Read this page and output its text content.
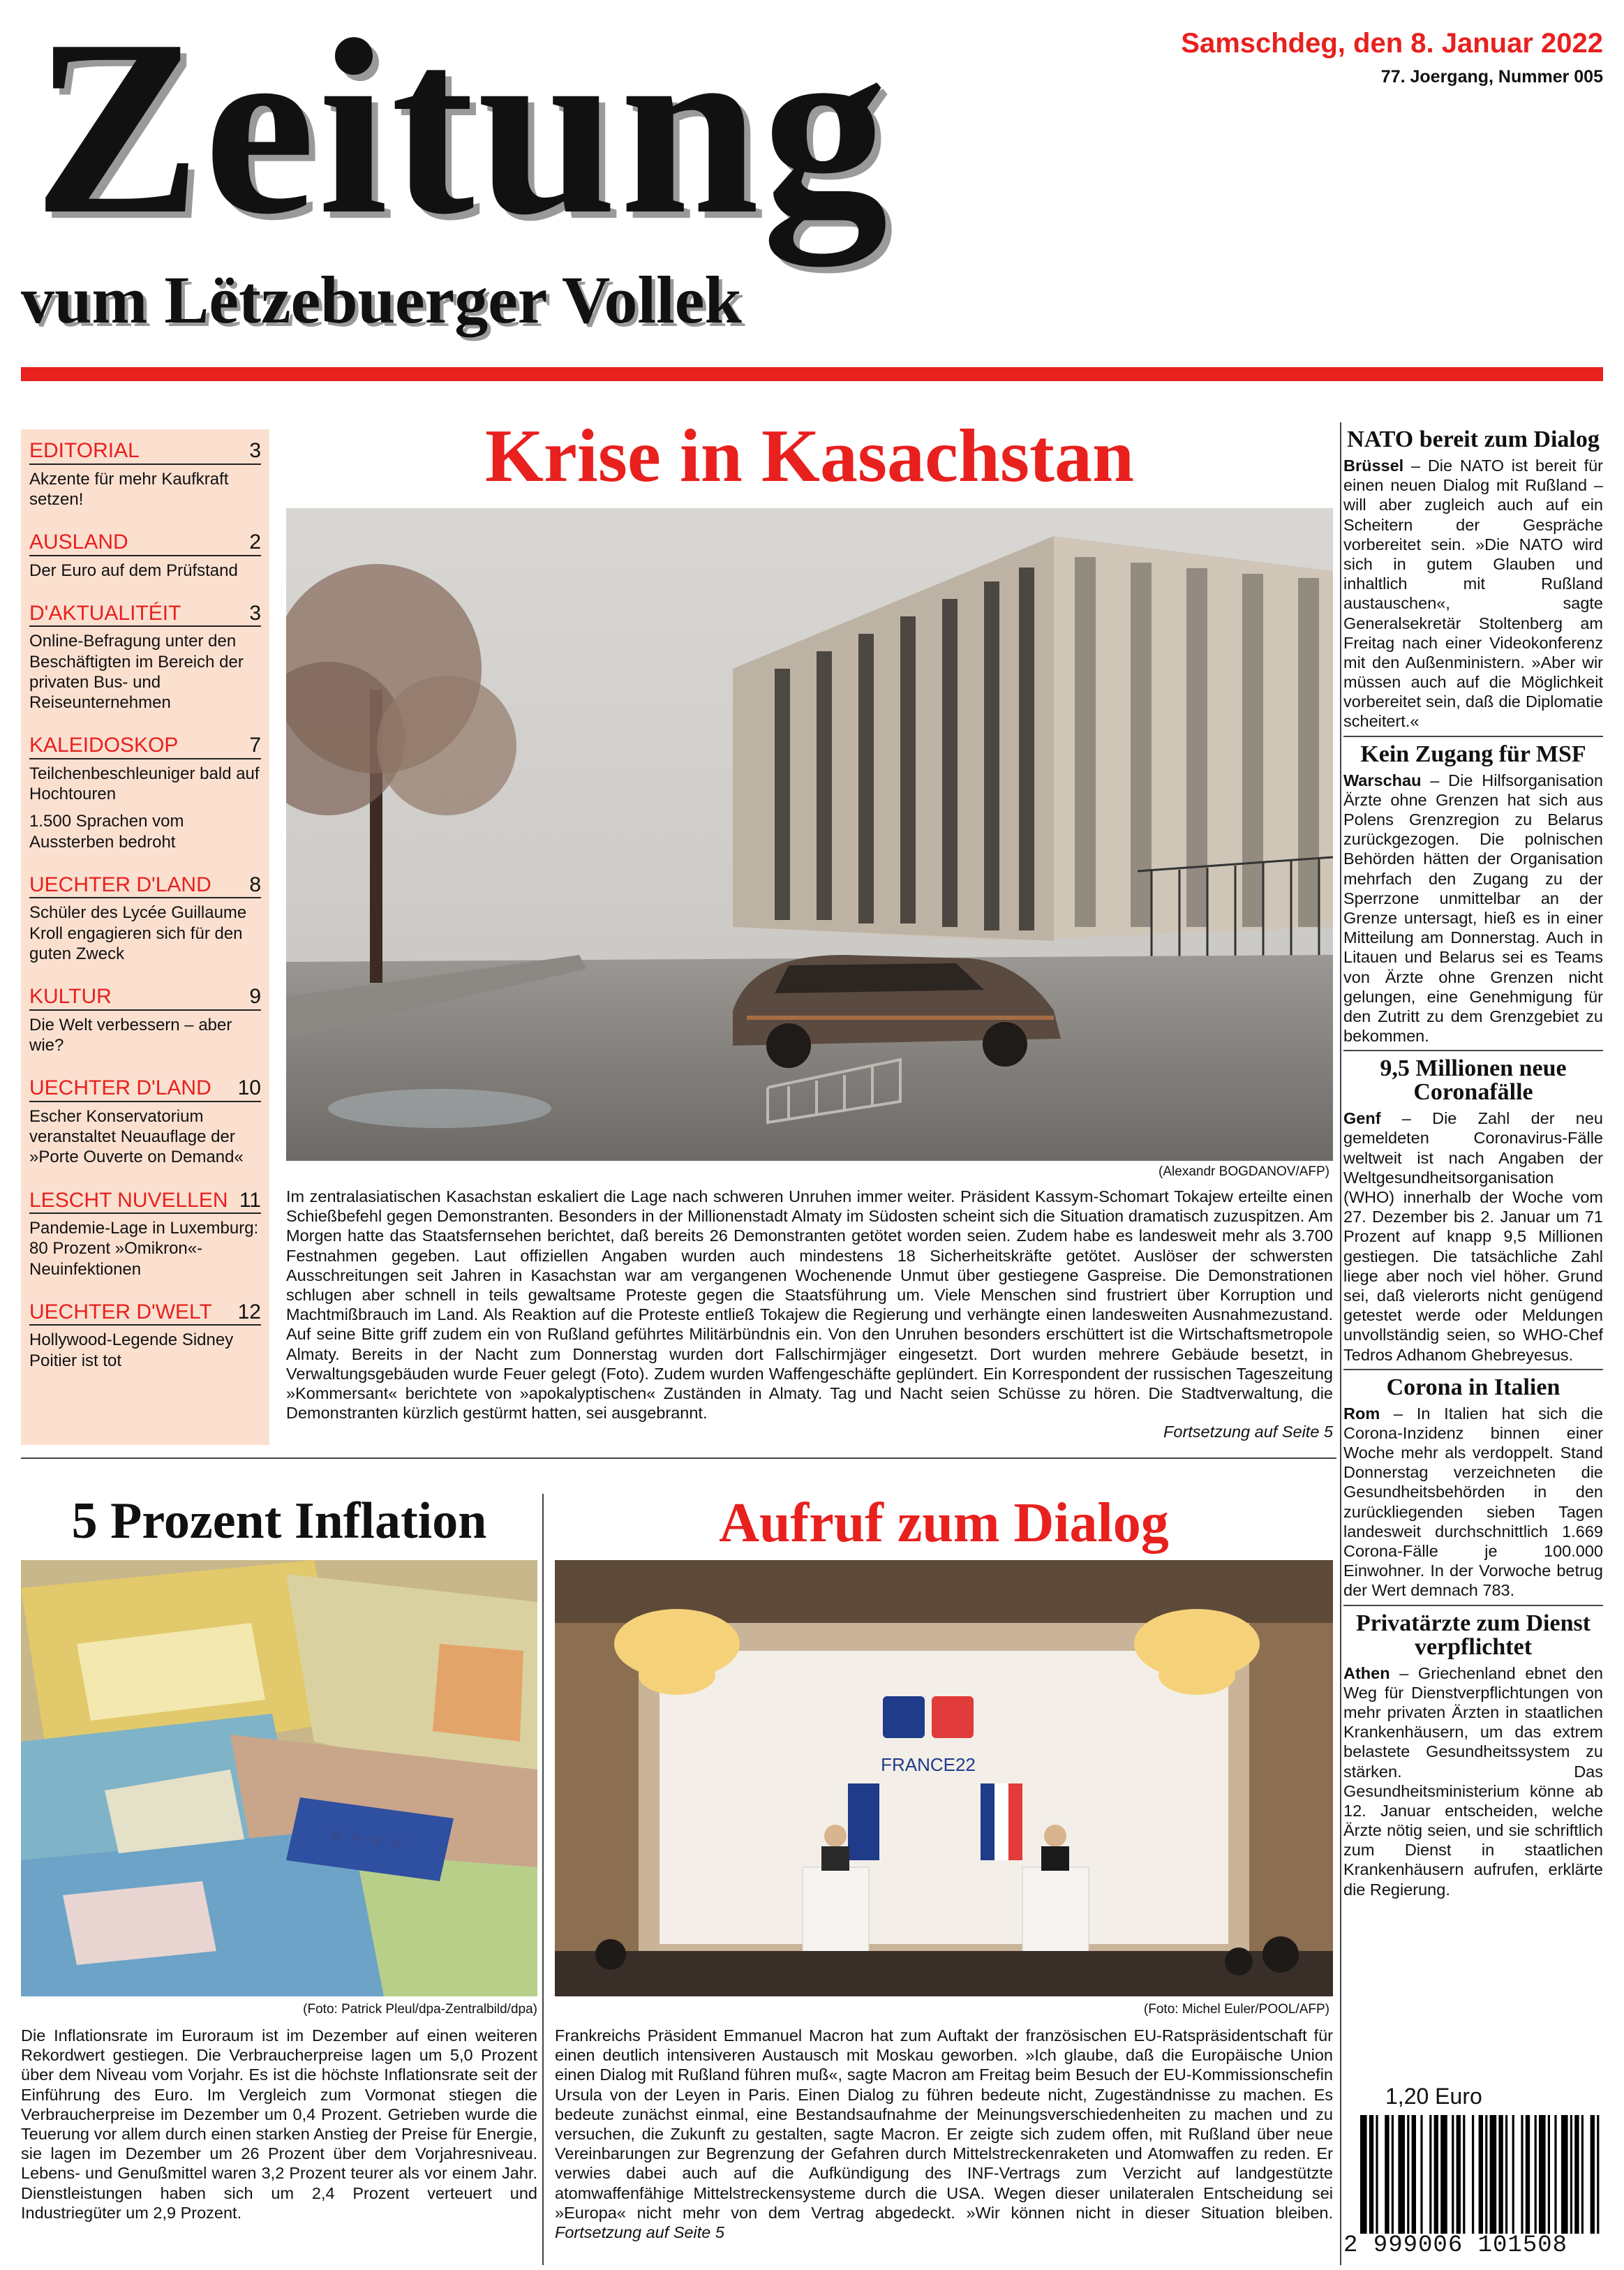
Zeitung
vum Lëtzebuerger Vollek
Samschdeg, den 8. Januar 2022
77. Joergang, Nummer 005
EDITORIAL	3

Akzente für mehr Kaufkraft setzen!

AUSLAND	2

Der Euro auf dem Prüfstand

D'AKTUALITÉIT	3

Online-Befragung unter den Beschäftigten im Bereich der privaten Bus- und Reiseunternehmen

KALEIDOSKOP	7

Teilchenbeschleuniger bald auf Hochtouren

1.500 Sprachen vom Aussterben bedroht

UECHTER D'LAND 8

Schüler des Lycée Guillaume Kroll engagieren sich für den guten Zweck

KULTUR	9

Die Welt verbessern – aber wie?

UECHTER D'LAND 10

Escher Konservatorium veranstaltet Neuauflage der »Porte Ouverte on Demand«

LESCHT NUVELLEN 11

Pandemie-Lage in Luxemburg: 80 Prozent »Omikron«-Neuinfektionen

UECHTER D'WELT 12

Hollywood-Legende Sidney Poitier ist tot

Krise in Kasachstan
(Alexandr BOGDANOV/AFP)

Im zentralasiatischen Kasachstan eskaliert die Lage nach schweren Unruhen immer weiter. Präsident Kassym-Schomart Tokajew erteilte einen Schießbefehl gegen Demonstranten. Besonders in der Millionenstadt Almaty im Südosten scheint sich die Situation dramatisch zuzuspitzen. Am Morgen hatte das Staatsfernsehen berichtet, daß bereits 26 Demonstranten getötet worden seien. Zudem habe es landesweit mehr als 3.700 Festnahmen gegeben. Laut offiziellen Angaben wurden auch mindestens 18 Sicherheitskräfte getötet. Auslöser der schwersten Ausschreitungen seit Jahren in Kasachstan war am vergangenen Wochenende Unmut über gestiegene Gaspreise. Die Demonstrationen schlugen aber schnell in teils gewaltsame Proteste gegen die Staatsführung um. Viele Menschen sind frustriert über Korruption und Machtmißbrauch im Land. Als Reaktion auf die Proteste entließ Tokajew die Regierung und verhängte einen landesweiten Ausnahmezustand. Auf seine Bitte griff zudem ein von Rußland geführtes Militärbündnis ein. Von den Unruhen besonders erschüttert ist die Wirtschaftsmetropole Almaty. Bereits in der Nacht zum Donnerstag wurden dort Fallschirmjäger eingesetzt. Dort wurden mehrere Gebäude besetzt, in Verwaltungsgebäuden wurde Feuer gelegt (Foto). Zudem wurden Waffengeschäfte geplündert. Ein Korrespondent der russischen Tageszeitung »Kommersant« berichtete von »apokalyptischen« Zuständen in Almaty. Tag und Nacht seien Schüsse zu hören. Die Stadtverwaltung, die Demonstranten kürzlich gestürmt hatten, sei ausgebrannt.

Fortsetzung auf Seite 5
5 Prozent Inflation
(Foto: Patrick Pleul/dpa-Zentralbild/dpa)

Die Inflationsrate im Euroraum ist im Dezember auf einen weiteren Rekordwert gestiegen. Die Verbraucherpreise lagen um 5,0 Prozent über dem Niveau vom Vorjahr. Es ist die höchste Inflationsrate seit der Einführung des Euro. Im Vergleich zum Vormonat stiegen die Verbraucherpreise im Dezember um 0,4 Prozent. Getrieben wurde die Teuerung vor allem durch einen starken Anstieg der Preise für Energie, sie lagen im Dezember um 26 Prozent über dem Vorjahresniveau. Lebens- und Genußmittel waren 3,2 Prozent teurer als vor einem Jahr. Dienstleistungen haben sich um 2,4 Prozent verteuert und Industriegüter um 2,9 Prozent.

Aufruf zum Dialog
FRANCE22
(Foto: Michel Euler/POOL/AFP)

Frankreichs Präsident Emmanuel Macron hat zum Auftakt der französischen EU-Ratspräsidentschaft für einen deutlich intensiveren Austausch mit Moskau geworben. »Ich glaube, daß die Europäische Union einen Dialog mit Rußland führen muß«, sagte Macron am Freitag beim Besuch der EU-Kommissionschefin Ursula von der Leyen in Paris. Einen Dialog zu führen bedeute nicht, Zugeständnisse zu machen. Es bedeute zunächst einmal, eine Bestandsaufnahme der Meinungsverschiedenheiten zu machen und zu versuchen, die Zukunft zu gestalten, sagte Macron. Er zeigte sich zudem offen, mit Rußland über neue Vereinbarungen zur Begrenzung der Gefahren durch Mittelstreckenraketen und Atomwaffen zu reden. Er verwies dabei auch auf die Aufkündigung des INF-Vertrags zum Verzicht auf landgestützte atomwaffenfähige Mittelstreckensysteme durch die USA. Wegen dieser unilateralen Entscheidung sei »Europa« nicht mehr von dem Vertrag abgedeckt. »Wir können nicht in dieser Situation bleiben. Fortsetzung auf Seite 5

NATO bereit zum Dialog

Brüssel – Die NATO ist bereit für einen neuen Dialog mit Rußland – will aber zugleich auch auf ein Scheitern der Gespräche vorbereitet sein. »Die NATO wird sich in gutem Glauben und inhaltlich mit Rußland austauschen«, sagte Generalsekretär Stoltenberg am Freitag nach einer Videokonferenz mit den Außenministern. »Aber wir müssen auch auf die Möglichkeit vorbereitet sein, daß die Diplomatie scheitert.«

Kein Zugang für MSF

Warschau – Die Hilfsorganisation Ärzte ohne Grenzen hat sich aus Polens Grenzregion zu Belarus zurückgezogen. Die polnischen Behörden hätten der Organisation mehrfach den Zugang zu der Sperrzone unmittelbar an der Grenze untersagt, hieß es in einer Mitteilung am Donnerstag. Auch in Litauen und Belarus sei es Teams von Ärzte ohne Grenzen nicht gelungen, eine Genehmigung für den Zutritt zu dem Grenzgebiet zu bekommen.

9,5 Millionen neue Coronafälle

Genf – Die Zahl der neu gemeldeten Coronavirus-Fälle weltweit ist nach Angaben der Weltgesundheitsorganisation (WHO) innerhalb der Woche vom 27. Dezember bis 2. Januar um 71 Prozent auf knapp 9,5 Millionen gestiegen. Die tatsächliche Zahl liege aber noch viel höher. Grund sei, daß vielerorts nicht genügend getestet werde oder Meldungen unvollständig seien, so WHO-Chef Tedros Adhanom Ghebreyesus.

Corona in Italien

Rom – In Italien hat sich die Corona-Inzidenz binnen einer Woche mehr als verdoppelt. Stand Donnerstag verzeichneten die Gesundheitsbehörden in den zurückliegenden sieben Tagen landesweit durchschnittlich 1.669 Corona-Fälle je 100.000 Einwohner. In der Vorwoche betrug der Wert demnach 783.

Privatärzte zum Dienst verpflichtet

Athen – Griechenland ebnet den Weg für Dienstverpflichtungen von mehr privaten Ärzten in staatlichen Krankenhäusern, um das extrem belastete Gesundheitssystem zu stärken. Das Gesundheitsministerium könne ab 12. Januar entscheiden, welche Ärzte nötig seien, und sie schriftlich zum Dienst in staatlichen Krankenhäusern aufrufen, erklärte die Regierung.

1,20 Euro
2 999006 101508
